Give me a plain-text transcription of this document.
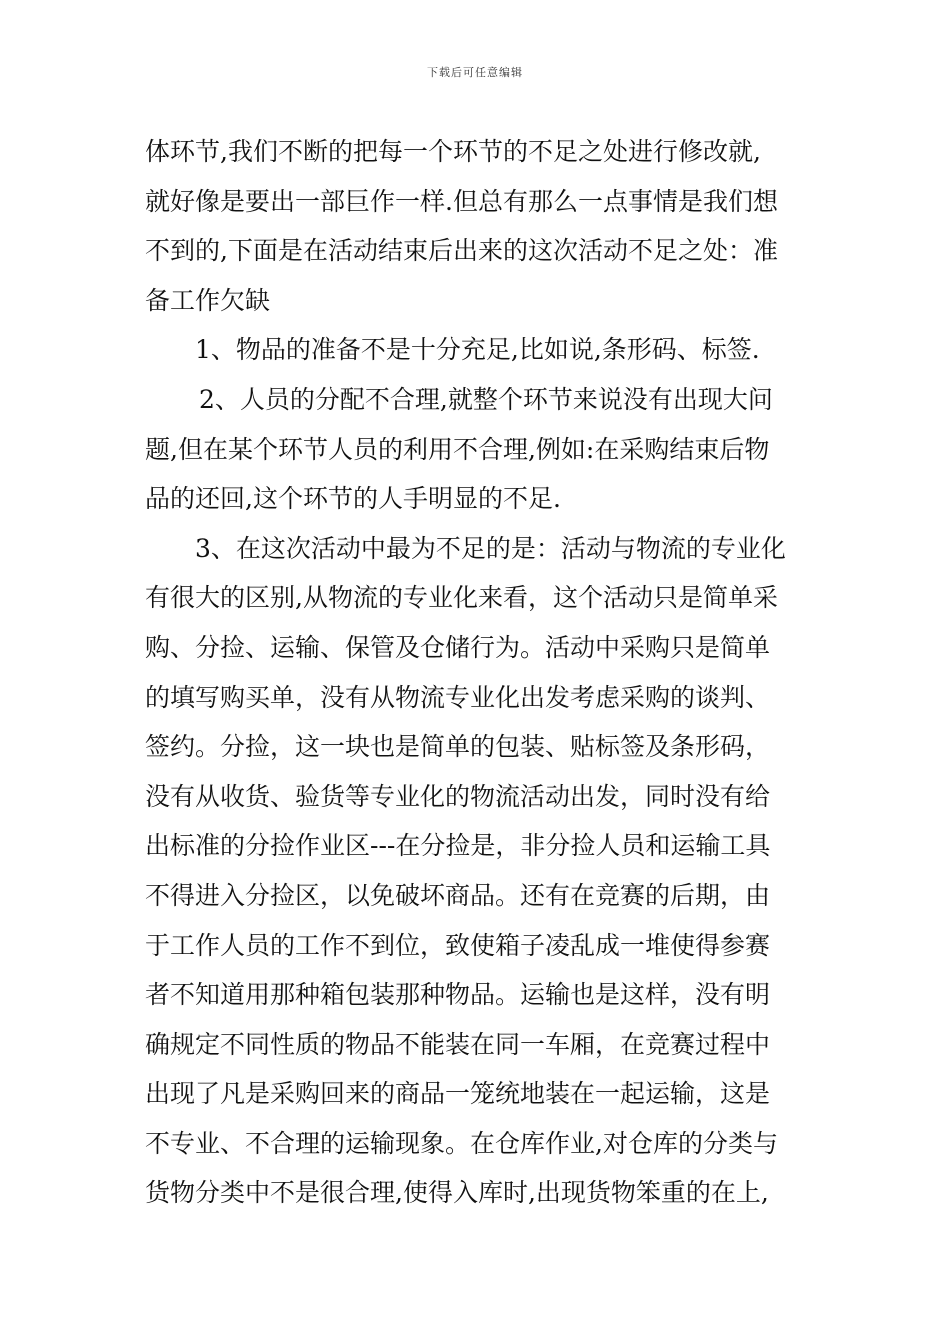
下载后可任意编辑
体环节,我们不断的把每一个环节的不足之处进行修改就,
就好像是要出一部巨作一样.但总有那么一点事情是我们想
不到的,下面是在活动结束后出来的这次活动不足之处：准
备工作欠缺
1、物品的准备不是十分充足,比如说,条形码、标签.
2、人员的分配不合理,就整个环节来说没有出现大问
题,但在某个环节人员的利用不合理,例如:在采购结束后物
品的还回,这个环节的人手明显的不足.
3、在这次活动中最为不足的是：活动与物流的专业化
有很大的区别,从物流的专业化来看，这个活动只是简单采
购、分捡、运输、保管及仓储行为。活动中采购只是简单
的填写购买单，没有从物流专业化出发考虑采购的谈判、
签约。分捡，这一块也是简单的包装、贴标签及条形码，
没有从收货、验货等专业化的物流活动出发，同时没有给
出标准的分捡作业区---在分捡是，非分捡人员和运输工具
不得进入分捡区，以免破坏商品。还有在竞赛的后期，由
于工作人员的工作不到位，致使箱子凌乱成一堆使得参赛
者不知道用那种箱包装那种物品。运输也是这样，没有明
确规定不同性质的物品不能装在同一车厢，在竞赛过程中
出现了凡是采购回来的商品一笼统地装在一起运输，这是
不专业、不合理的运输现象。在仓库作业,对仓库的分类与
货物分类中不是很合理,使得入库时,出现货物笨重的在上,
